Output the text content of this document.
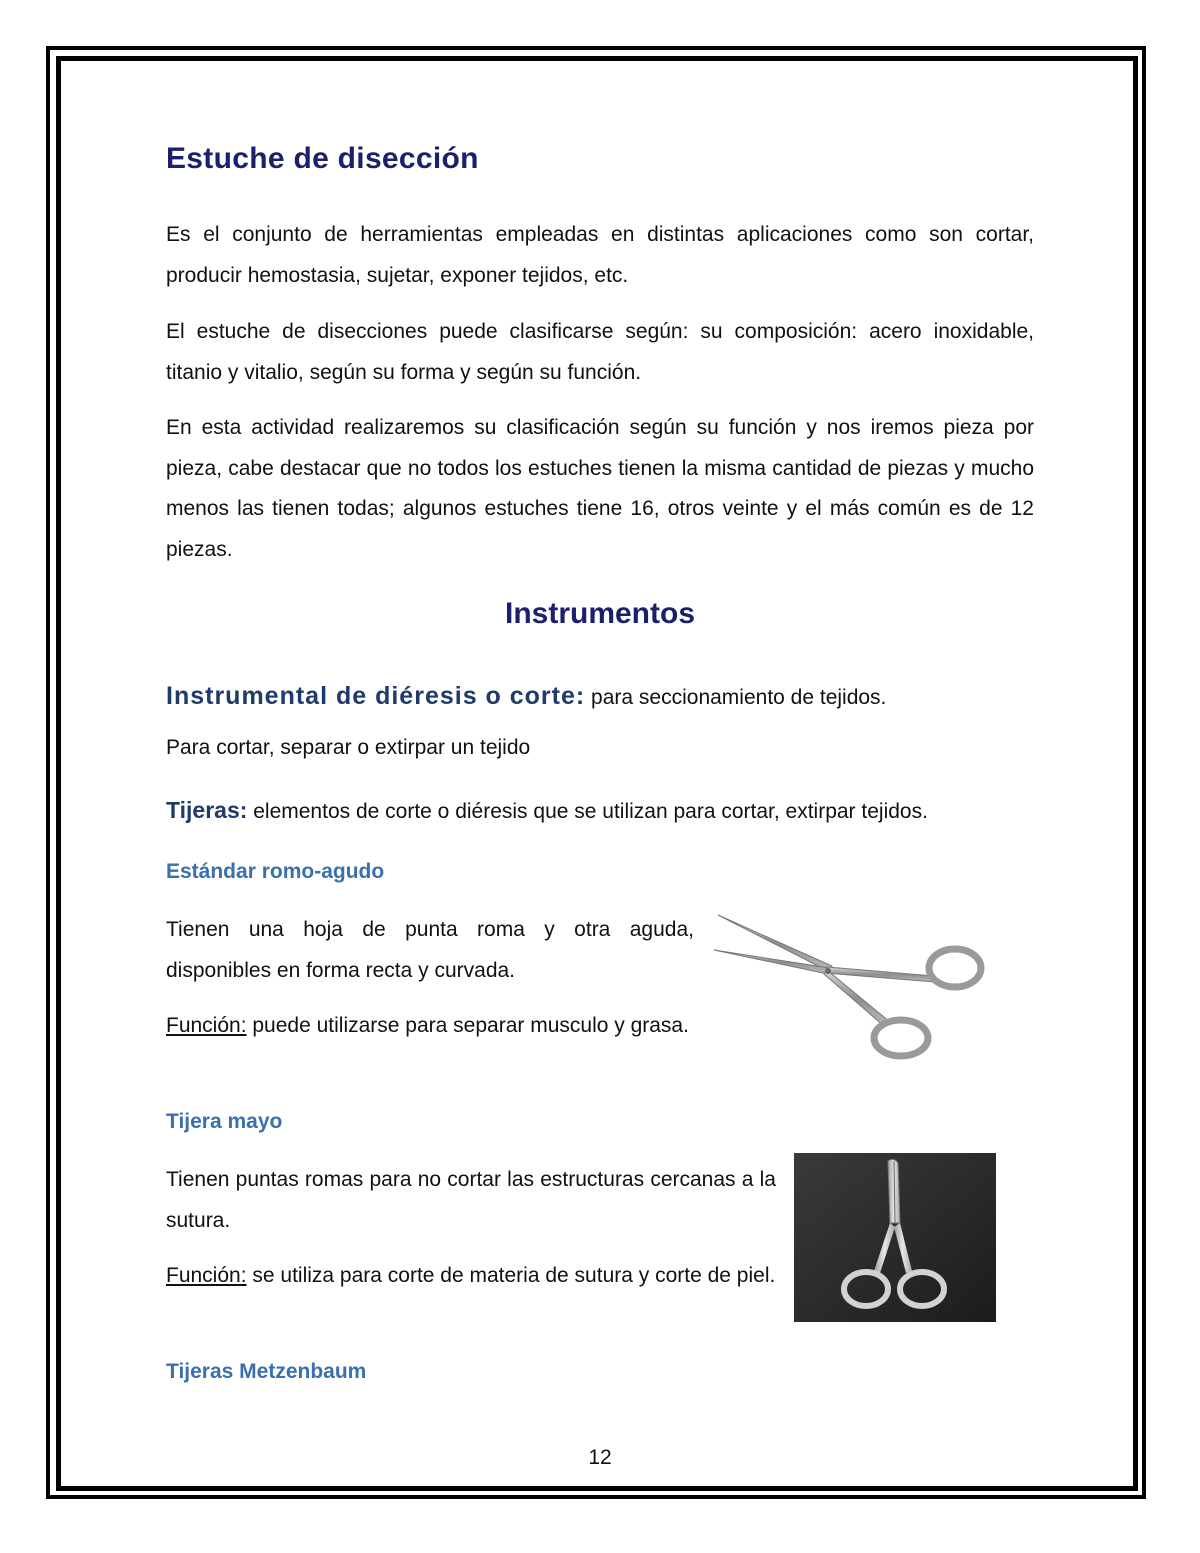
Estuche de disección

Es el conjunto de herramientas empleadas en distintas aplicaciones como son cortar, producir hemostasia, sujetar, exponer tejidos, etc.

El estuche de disecciones puede clasificarse según: su composición: acero inoxidable, titanio y vitalio, según su forma y según su función.

En esta actividad realizaremos su clasificación según su función y nos iremos pieza por pieza, cabe destacar que no todos los estuches tienen la misma cantidad de piezas y mucho menos las tienen todas; algunos estuches tiene 16, otros veinte y el más común es de 12 piezas.

Instrumentos
Instrumental de diéresis o corte: para seccionamiento de tejidos.
Para cortar, separar o extirpar un tejido
Tijeras: elementos de corte o diéresis que se utilizan para cortar, extirpar tejidos.
Estándar romo-agudo

Tienen una hoja de punta roma y otra aguda, disponibles en forma recta y curvada.

Función: puede utilizarse para separar musculo y grasa.

Tijera mayo

Tienen puntas romas para no cortar las estructuras cercanas a la sutura.

Función: se utiliza para corte de materia de sutura y corte de piel.

Tijeras Metzenbaum
12
